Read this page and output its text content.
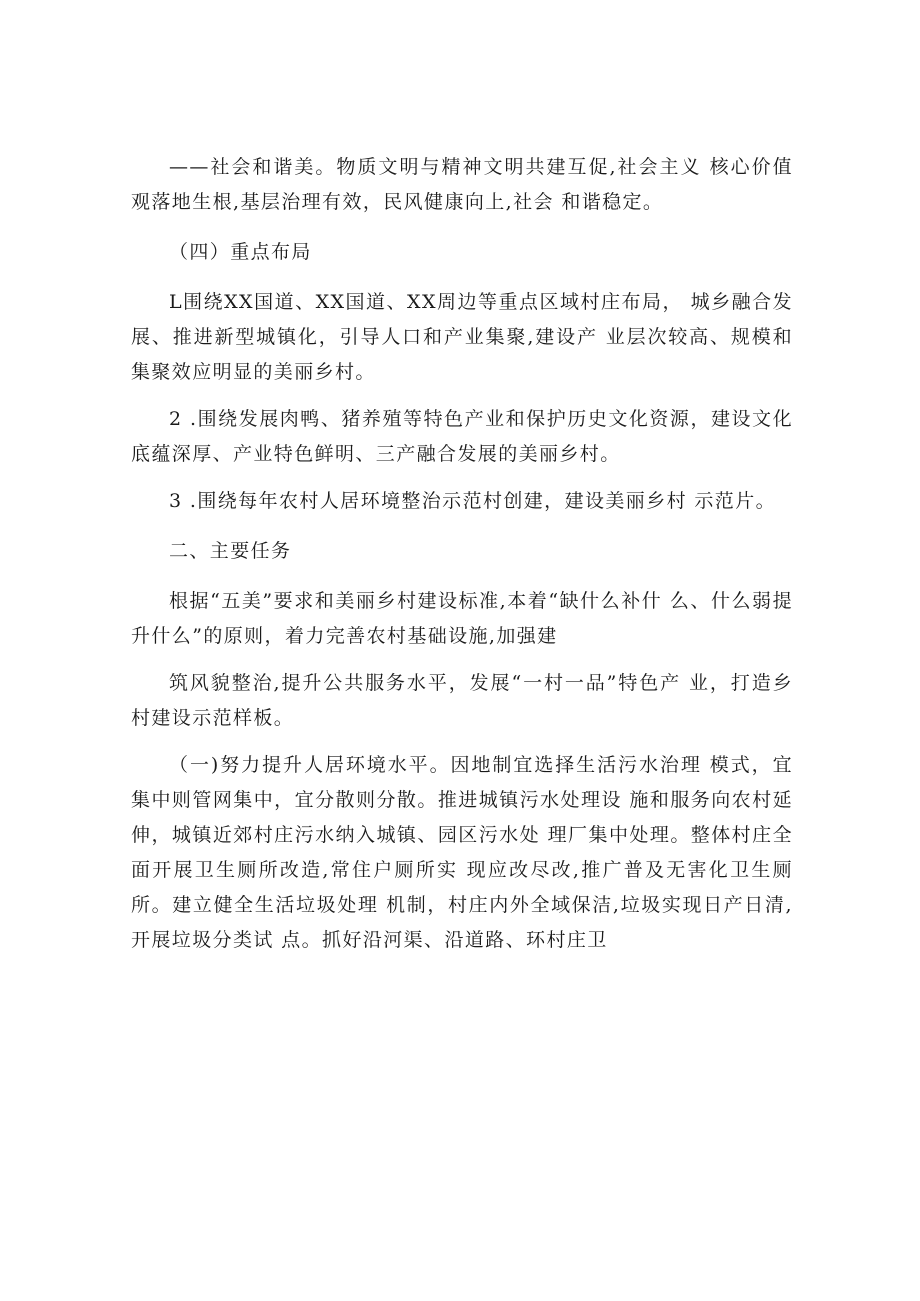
——社会和谐美。物质文明与精神文明共建互促,社会主义 核心价值观落地生根,基层治理有效，民风健康向上,社会 和谐稳定。

（四）重点布局

L围绕XX国道、XX国道、XX周边等重点区域村庄布局， 城乡融合发展、推进新型城镇化，引导人口和产业集聚,建设产 业层次较高、规模和集聚效应明显的美丽乡村。

2 .围绕发展肉鸭、猪养殖等特色产业和保护历史文化资源，建设文化底蕴深厚、产业特色鲜明、三产融合发展的美丽乡村。

3 .围绕每年农村人居环境整治示范村创建，建设美丽乡村 示范片。

二、主要任务

根据“五美”要求和美丽乡村建设标准,本着“缺什么补什 么、什么弱提升什么”的原则，着力完善农村基础设施,加强建

筑风貌整治,提升公共服务水平，发展“一村一品”特色产 业，打造乡村建设示范样板。

（一)努力提升人居环境水平。因地制宜选择生活污水治理 模式，宜集中则管网集中，宜分散则分散。推进城镇污水处理设 施和服务向农村延伸，城镇近郊村庄污水纳入城镇、园区污水处 理厂集中处理。整体村庄全面开展卫生厕所改造,常住户厕所实 现应改尽改,推广普及无害化卫生厕所。建立健全生活垃圾处理 机制，村庄内外全域保洁,垃圾实现日产日清,开展垃圾分类试 点。抓好沿河渠、沿道路、环村庄卫
